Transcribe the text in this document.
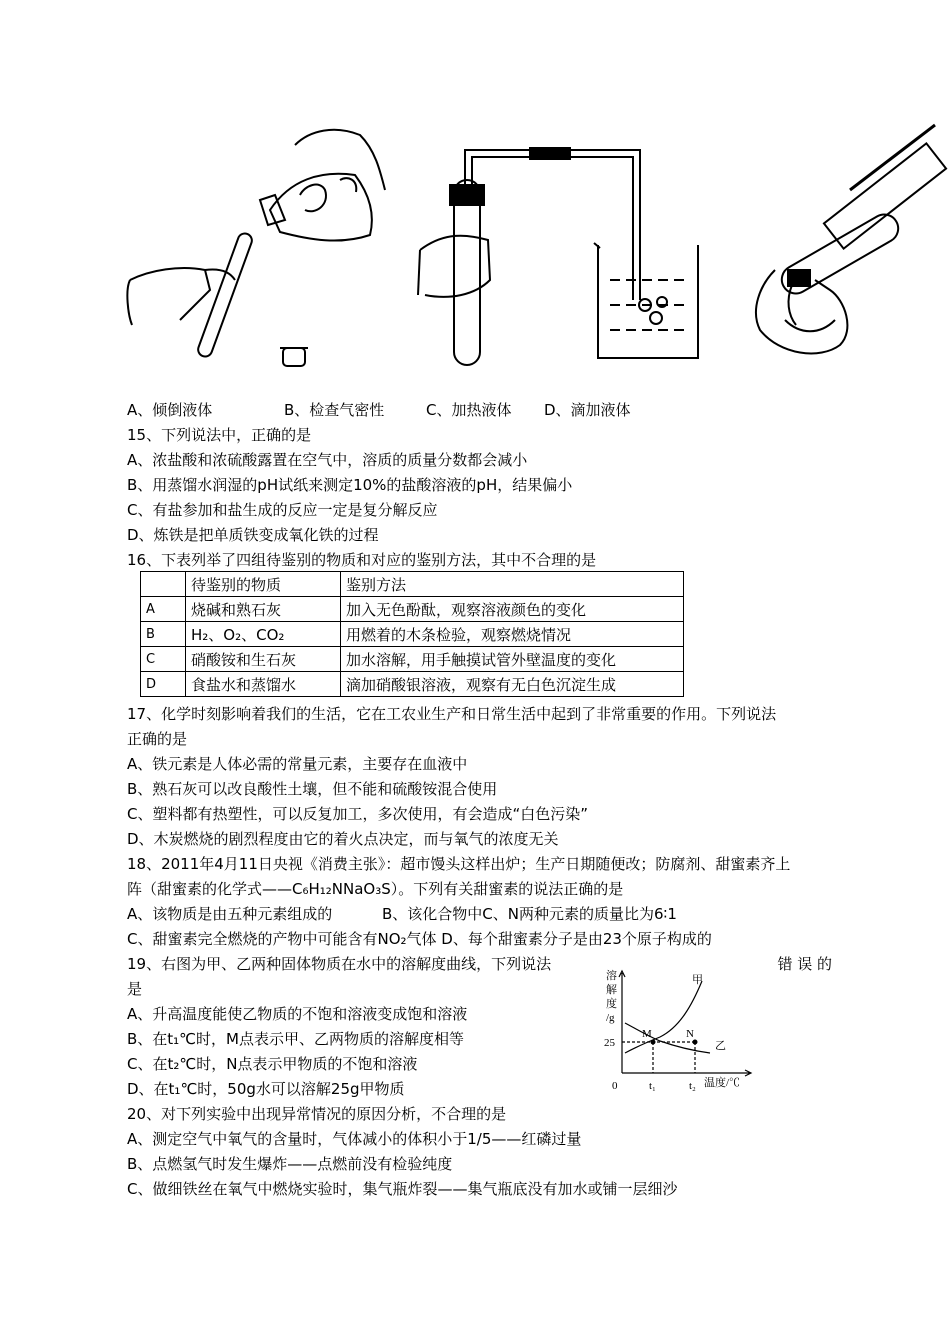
A、倾倒液体	B、检查气密性	C、加热液体 D、滴加液体
15、下列说法中，正确的是
A、浓盐酸和浓硫酸露置在空气中，溶质的质量分数都会减小
B、用蒸馏水润湿的pH试纸来测定10%的盐酸溶液的pH，结果偏小
C、有盐参加和盐生成的反应一定是复分解反应
D、炼铁是把单质铁变成氧化铁的过程
16、下表列举了四组待鉴别的物质和对应的鉴别方法，其中不合理的是
	待鉴别的物质	鉴别方法
A	烧碱和熟石灰	加入无色酚酞，观察溶液颜色的变化
B	H₂、O₂、CO₂	用燃着的木条检验，观察燃烧情况
C	硝酸铵和生石灰	加水溶解，用手触摸试管外壁温度的变化
D	食盐水和蒸馏水	滴加硝酸银溶液，观察有无白色沉淀生成
17、化学时刻影响着我们的生活，它在工农业生产和日常生活中起到了非常重要的作用。下列说法
正确的是
A、铁元素是人体必需的常量元素，主要存在血液中
B、熟石灰可以改良酸性土壤，但不能和硫酸铵混合使用
C、塑料都有热塑性，可以反复加工，多次使用，有会造成“白色污染”
D、木炭燃烧的剧烈程度由它的着火点决定，而与氧气的浓度无关
18、2011年4月11日央视《消费主张》：超市馒头这样出炉；生产日期随便改；防腐剂、甜蜜素齐上
阵（甜蜜素的化学式——C₆H₁₂NNaO₃S）。下列有关甜蜜素的说法正确的是
A、该物质是由五种元素组成的	B、该化合物中C、N两种元素的质量比为6∶1
C、甜蜜素完全燃烧的产物中可能含有NO₂气体 D、每个甜蜜素分子是由23个原子构成的
19、右图为甲、乙两种固体物质在水中的溶解度曲线，下列说法	错 误 的
是
A、升高温度能使乙物质的不饱和溶液变成饱和溶液
B、在t₁℃时，M点表示甲、乙两物质的溶解度相等
C、在t₂℃时，N点表示甲物质的不饱和溶液
D、在t₁℃时，50g水可以溶解25g甲物质
溶
解
度
/g
25
0	t₁	t₂ 温度/℃
M	N
甲
乙
20、对下列实验中出现异常情况的原因分析，不合理的是
A、测定空气中氧气的含量时，气体减小的体积小于1/5——红磷过量
B、点燃氢气时发生爆炸——点燃前没有检验纯度
C、做细铁丝在氧气中燃烧实验时，集气瓶炸裂——集气瓶底没有加水或铺一层细沙
